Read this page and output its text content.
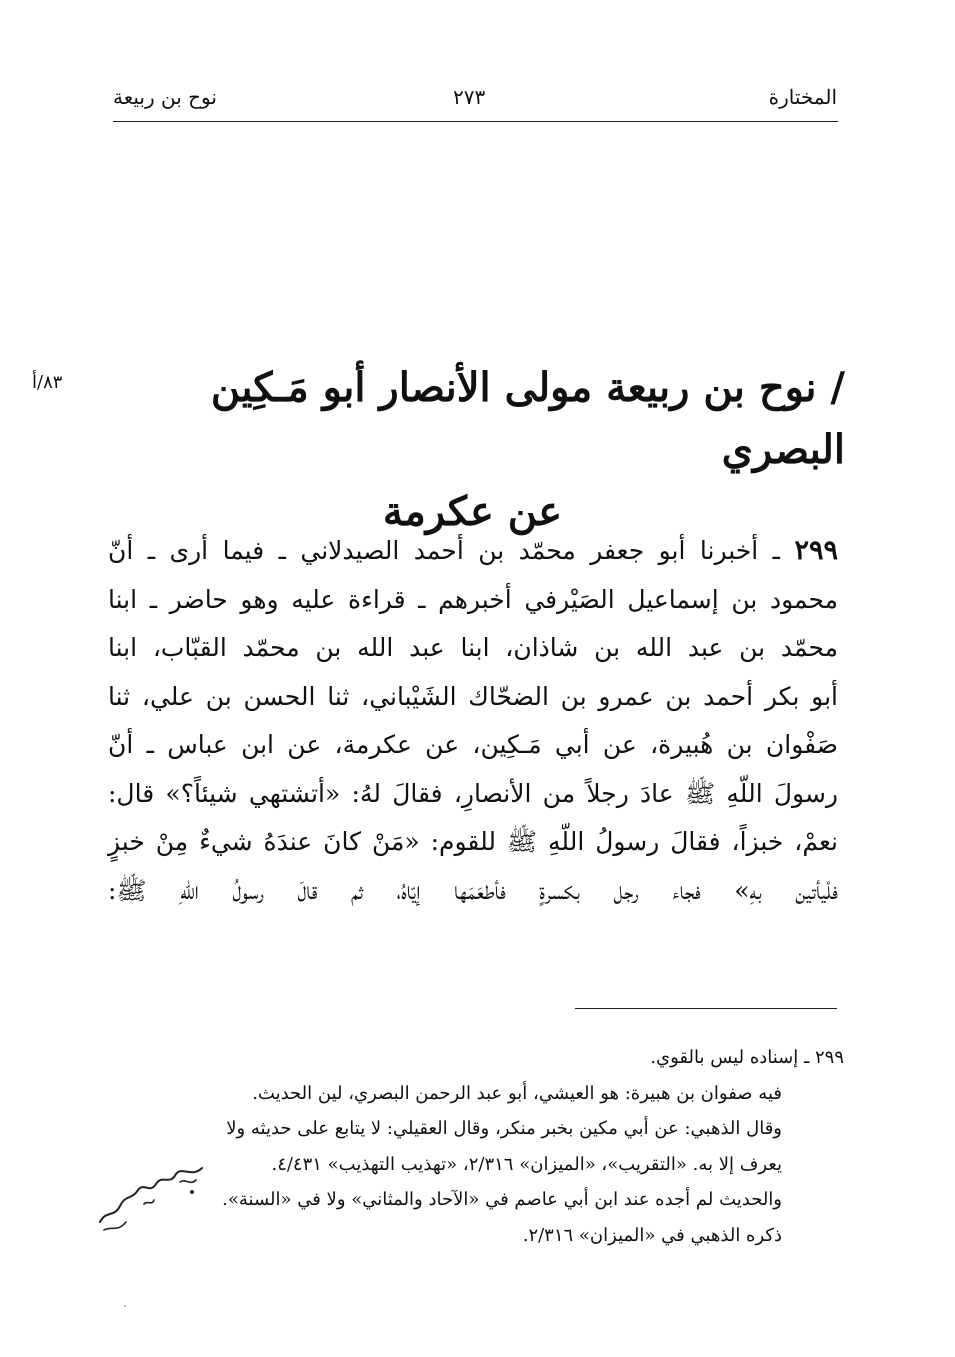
المختارة
٢٧٣
نوح بن ربيعة
٨٣/أ	/ نوح بن ربيعة مولى الأنصار أبو مَـكِين البصري
عن عكرمة
٢٩٩ ـ أخبرنا أبو جعفر محمّد بن أحمد الصيدلاني ـ فيما أرى ـ أنّ
محمود بن إسماعيل الصَيْرفي أخبرهم ـ قراءة عليه وهو حاضر ـ ابنا
محمّد بن عبد الله بن شاذان، ابنا عبد الله بن محمّد القبّاب، ابنا
أبو بكر أحمد بن عمرو بن الضحّاك الشَيْباني، ثنا الحسن بن علي، ثنا
صَفْوان بن هُبيرة، عن أبي مَـكِين، عن عكرمة، عن ابن عباس ـ أنّ
رسولَ اللّهِ ﷺ عادَ رجلاً من الأنصارِ، فقالَ لهُ: «أتشتهي شيئاً؟» قال:
نعمْ، خبزاً، فقالَ رسولُ اللّهِ ﷺ للقوم: «مَنْ كانَ عندَهُ شيءٌ مِنْ خبزٍ
فلْيأتين بهِ» فجاء رجل بكسرةٍ فأطعَمَها إيّاهُ، ثم قالَ رسولُ اللّهِ ﷺ:
٢٩٩ ـ إسناده ليس بالقوي.
فيه صفوان بن هبيرة: هو العيشي، أبو عبد الرحمن البصري، لين الحديث.
وقال الذهبي: عن أبي مكين بخبر منكر، وقال العقيلي: لا يتابع على حديثه ولا
يعرف إلا به. «التقريب»، «الميزان» ٢/٣١٦، «تهذيب التهذيب» ٤/٤٣١.
والحديث لم أجده عند ابن أبي عاصم في «الآحاد والمثاني» ولا في «السنة».
ذكره الذهبي في «الميزان» ٢/٣١٦.
